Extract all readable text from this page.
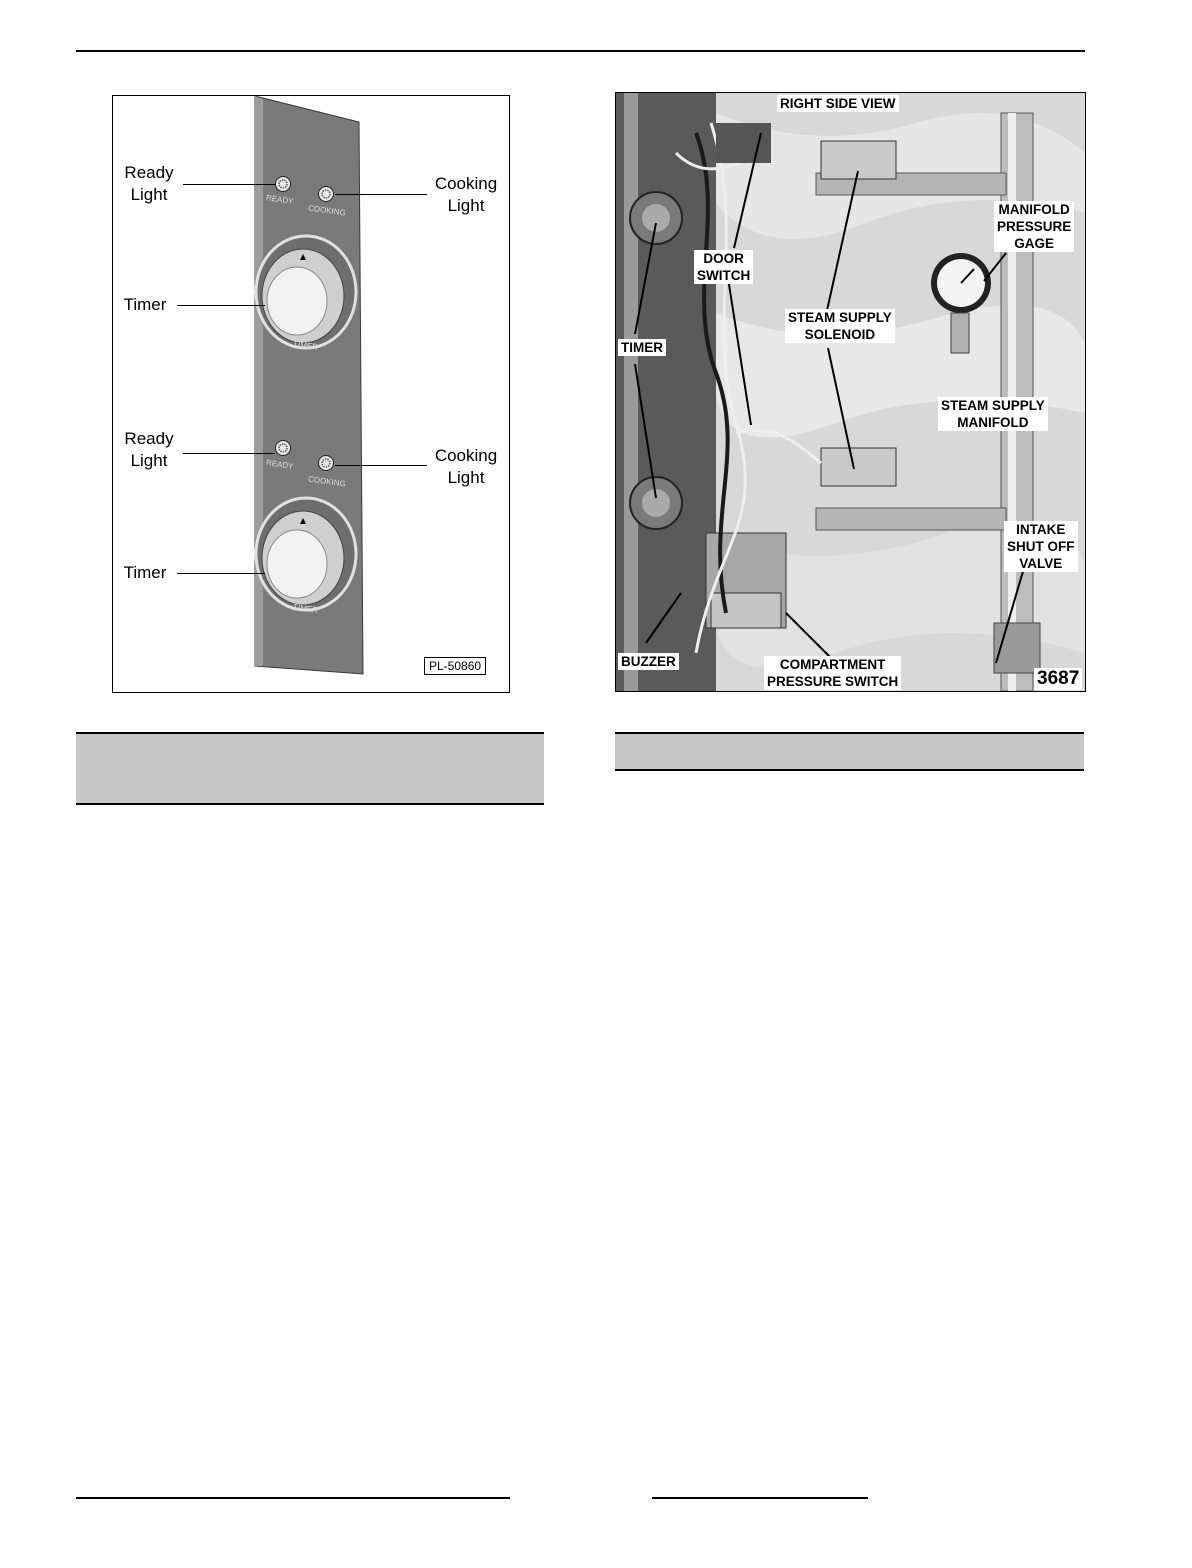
READY
COOKING
TIMER
READY
COOKING
TIMER
Ready
Light
Cooking
Light
Timer
Ready
Light	Cooking
Light
Timer
PL-50860
RIGHT SIDE VIEW
DOOR
SWITCH
MANIFOLD
PRESSURE
GAGE
STEAM SUPPLY
SOLENOID
TIMER
STEAM SUPPLY
MANIFOLD
INTAKE
SHUT OFF
VALVE
BUZZER	COMPARTMENT
PRESSURE SWITCH	3687
